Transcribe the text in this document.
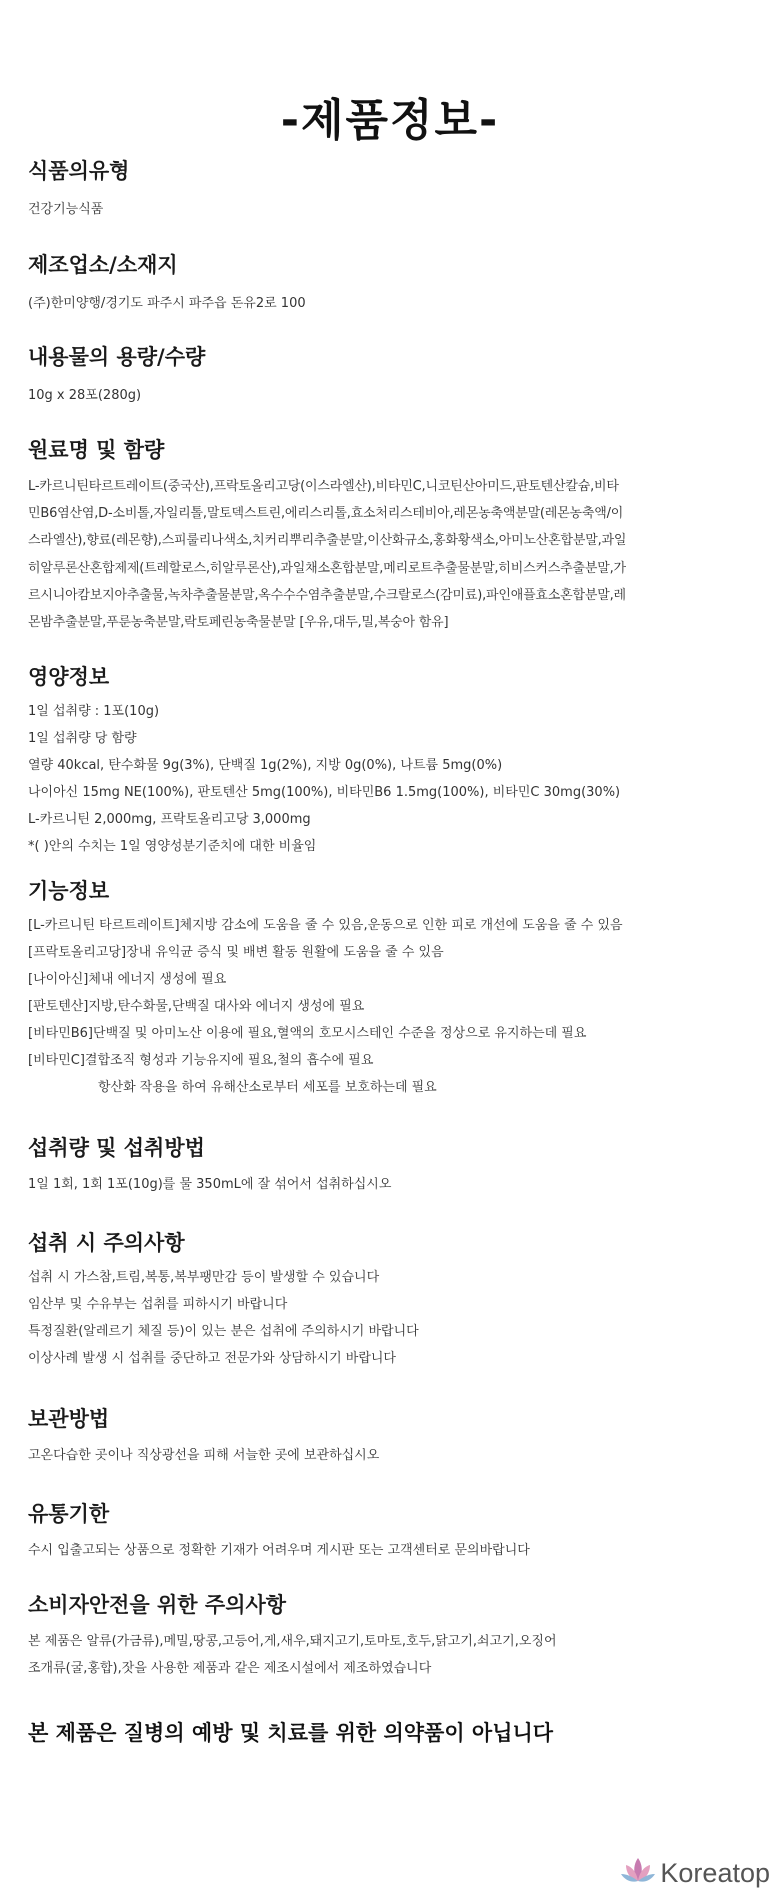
-제품정보-
식품의유형

건강기능식품

제조업소/소재지

(주)한미양행/경기도 파주시 파주읍 돈유2로 100

내용물의 용량/수량

10g x 28포(280g)

원료명 및 함량

L-카르니틴타르트레이트(중국산),프락토올리고당(이스라엘산),비타민C,니코틴산아미드,판토텐산칼슘,비타
민B6염산염,D-소비톨,자일리톨,말토덱스트린,에리스리톨,효소처리스테비아,레몬농축액분말(레몬농축액/이
스라엘산),향료(레몬향),스피룰리나색소,치커리뿌리추출분말,이산화규소,홍화황색소,아미노산혼합분말,과일
히알루론산혼합제제(트레할로스,히알루론산),과일채소혼합분말,메리로트추출물분말,히비스커스추출분말,가
르시니아캄보지아추출물,녹차추출물분말,옥수수수염추출분말,수크랄로스(감미료),파인애플효소혼합분말,레
몬밤추출분말,푸룬농축분말,락토페린농축물분말 [우유,대두,밀,복숭아 함유]

영양정보

1일 섭취량 : 1포(10g)
1일 섭취량 당 함량
열량 40kcal, 탄수화물 9g(3%), 단백질 1g(2%), 지방 0g(0%), 나트륨 5mg(0%)
나이아신 15mg NE(100%), 판토텐산 5mg(100%), 비타민B6 1.5mg(100%), 비타민C 30mg(30%)
L-카르니틴 2,000mg, 프락토올리고당 3,000mg
*( )안의 수치는 1일 영양성분기준치에 대한 비율임

기능정보

[L-카르니틴 타르트레이트]체지방 감소에 도움을 줄 수 있음,운동으로 인한 피로 개선에 도움을 줄 수 있음
[프락토올리고당]장내 유익균 증식 및 배변 활동 원활에 도움을 줄 수 있음
[나이아신]체내 에너지 생성에 필요
[판토텐산]지방,탄수화물,단백질 대사와 에너지 생성에 필요
[비타민B6]단백질 및 아미노산 이용에 필요,혈액의 호모시스테인 수준을 정상으로 유지하는데 필요
[비타민C]결합조직 형성과 기능유지에 필요,철의 흡수에 필요
항산화 작용을 하여 유해산소로부터 세포를 보호하는데 필요

섭취량 및 섭취방법

1일 1회, 1회 1포(10g)를 물 350mL에 잘 섞어서 섭취하십시오

섭취 시 주의사항

섭취 시 가스참,트림,복통,복부팽만감 등이 발생할 수 있습니다
임산부 및 수유부는 섭취를 피하시기 바랍니다
특정질환(알레르기 체질 등)이 있는 분은 섭취에 주의하시기 바랍니다
이상사례 발생 시 섭취를 중단하고 전문가와 상담하시기 바랍니다

보관방법

고온다습한 곳이나 직상광선을 피해 서늘한 곳에 보관하십시오

유통기한

수시 입출고되는 상품으로 정확한 기재가 어려우며 게시판 또는 고객센터로 문의바랍니다

소비자안전을 위한 주의사항

본 제품은 알류(가금류),메밀,땅콩,고등어,게,새우,돼지고기,토마토,호두,닭고기,쇠고기,오징어
조개류(굴,홍합),잣을 사용한 제품과 같은 제조시설에서 제조하였습니다

본 제품은 질병의 예방 및 치료를 위한 의약품이 아닙니다

Koreatop
